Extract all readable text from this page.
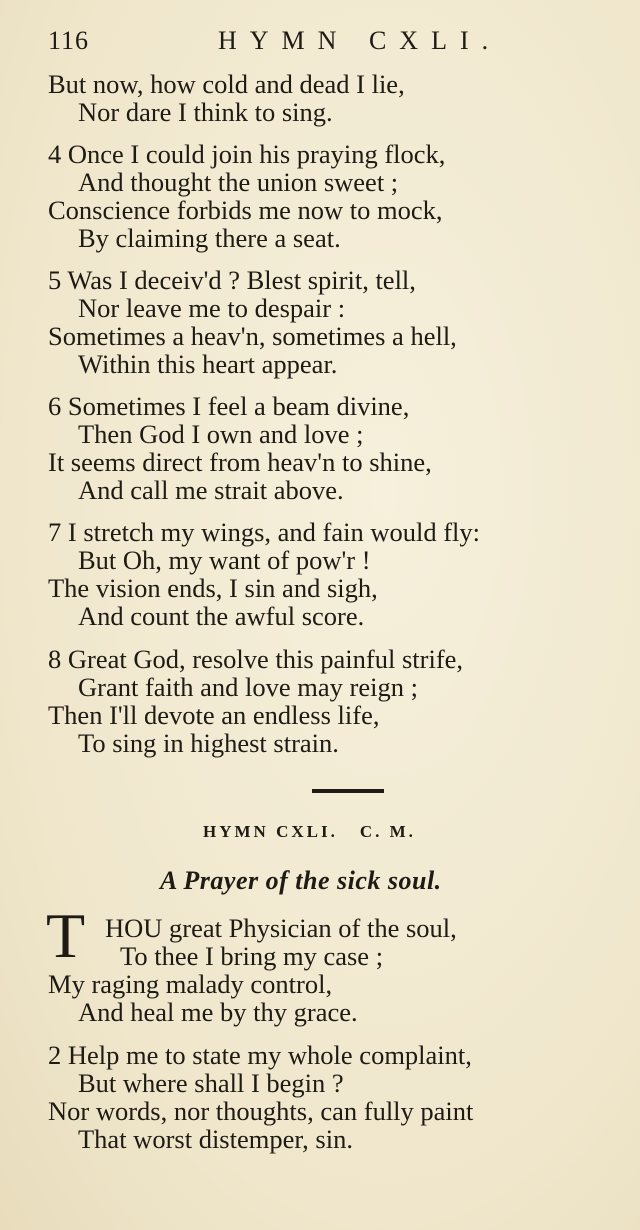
116	HYMN CXLI.
But now, how cold and dead I lie,
Nor dare I think to sing.
4 Once I could join his praying flock,
And thought the union sweet ;
Conscience forbids me now to mock,
By claiming there a seat.
5 Was I deceiv'd ? Blest spirit, tell,
Nor leave me to despair :
Sometimes a heav'n, sometimes a hell,
Within this heart appear.
6 Sometimes I feel a beam divine,
Then God I own and love ;
It seems direct from heav'n to shine,
And call me strait above.
7 I stretch my wings, and fain would fly:
But Oh, my want of pow'r !
The vision ends, I sin and sigh,
And count the awful score.
8 Great God, resolve this painful strife,
Grant faith and love may reign ;
Then I'll devote an endless life,
To sing in highest strain.
HYMN CXLI. C. M.
A Prayer of the sick soul.
T HOU great Physician of the soul,
To thee I bring my case ;
My raging malady control,
And heal me by thy grace.
2 Help me to state my whole complaint,
But where shall I begin ?
Nor words, nor thoughts, can fully paint
That worst distemper, sin.
